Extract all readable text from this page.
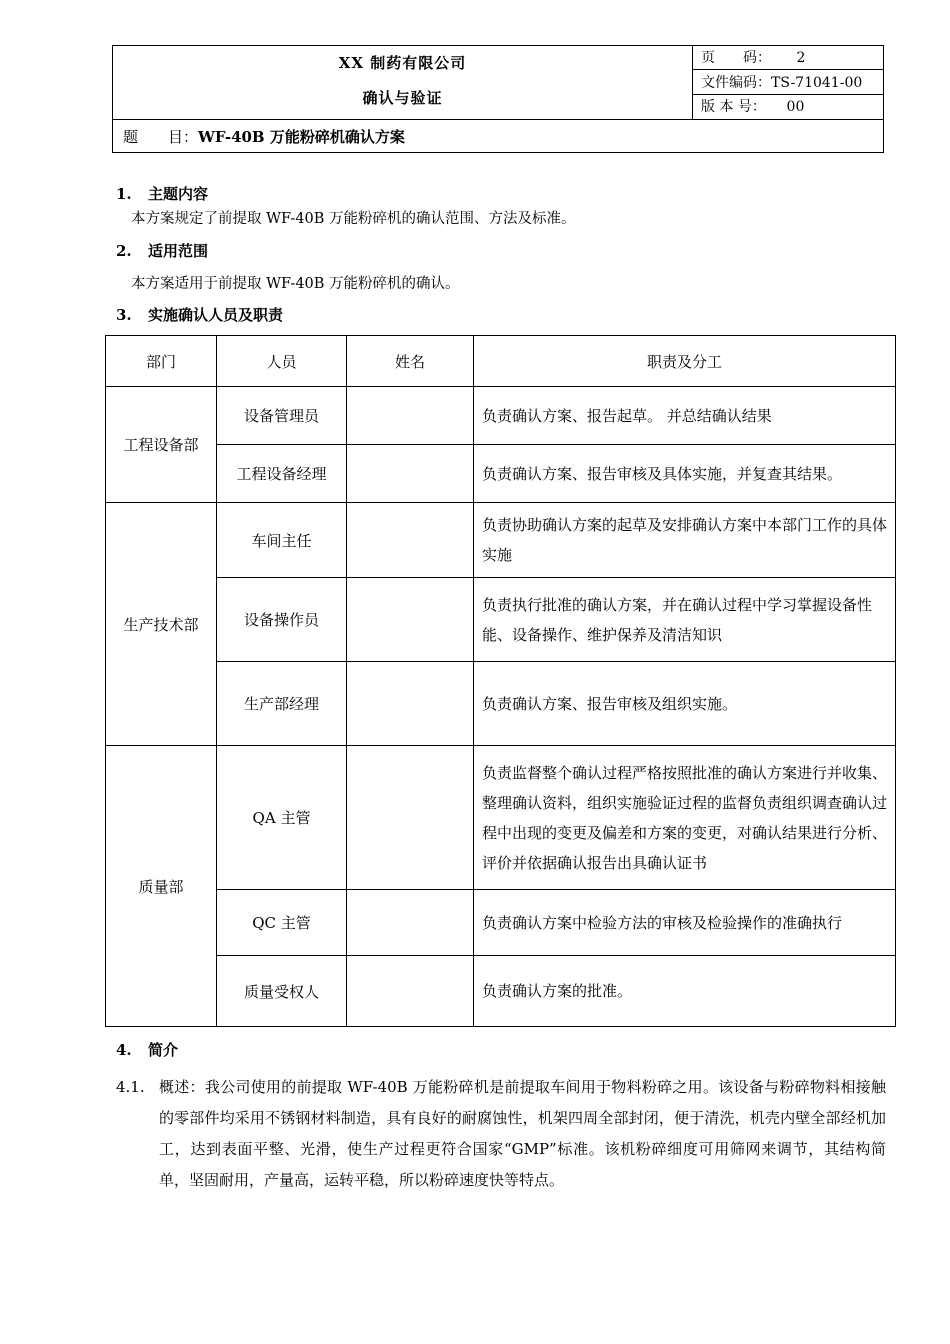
XX 制药有限公司
确认与验证
页　　码： 2
文件编码：TS-71041-00
版 本 号： 00
题　　目：WF-40B 万能粉碎机确认方案
1. 主题内容
本方案规定了前提取 WF-40B 万能粉碎机的确认范围、方法及标准。
2. 适用范围
本方案适用于前提取 WF-40B 万能粉碎机的确认。
3. 实施确认人员及职责
部门	人员	姓名	职责及分工
工程设备部	设备管理员		负责确认方案、报告起草。 并总结确认结果
	工程设备经理		负责确认方案、报告审核及具体实施，并复查其结果。
生产技术部	车间主任		负责协助确认方案的起草及安排确认方案中本部门工作的具体实施
	设备操作员		负责执行批准的确认方案，并在确认过程中学习掌握设备性能、设备操作、维护保养及清洁知识
	生产部经理		负责确认方案、报告审核及组织实施。
质量部	QA 主管		负责监督整个确认过程严格按照批准的确认方案进行并收集、整理确认资料，组织实施验证过程的监督负责组织调查确认过程中出现的变更及偏差和方案的变更，对确认结果进行分析、评价并依据确认报告出具确认证书
	QC 主管		负责确认方案中检验方法的审核及检验操作的准确执行
	质量受权人		负责确认方案的批准。
4. 简介
4.1. 概述：我公司使用的前提取 WF-40B 万能粉碎机是前提取车间用于物料粉碎之用。该设备与粉碎物料相接触的零部件均采用不锈钢材料制造，具有良好的耐腐蚀性，机架四周全部封闭，便于清洗，机壳内壁全部经机加工，达到表面平整、光滑，使生产过程更符合国家“GMP”标准。该机粉碎细度可用筛网来调节，其结构简单，坚固耐用，产量高，运转平稳，所以粉碎速度快等特点。
